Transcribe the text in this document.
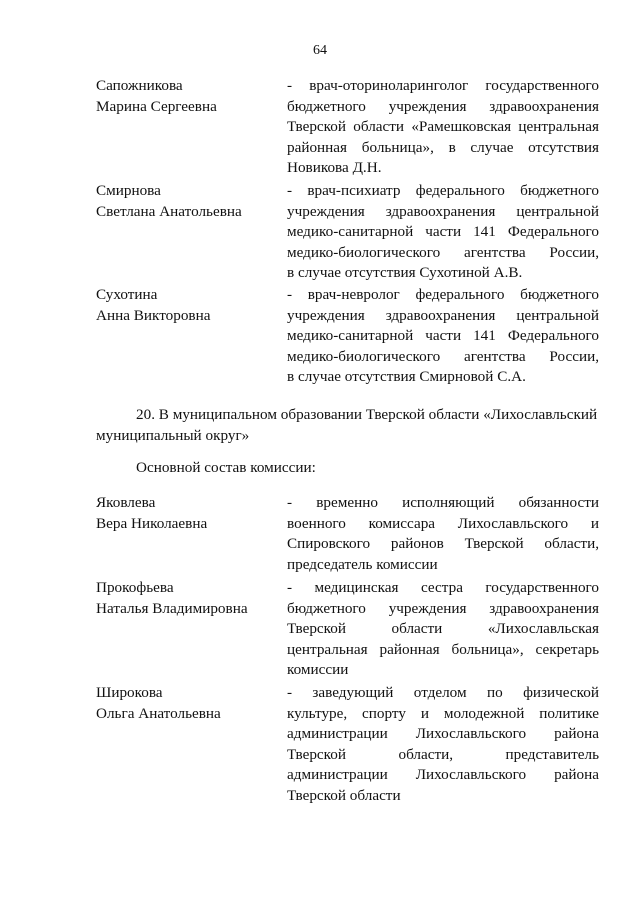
64
Сапожникова
Марина Сергеевна
- врач-оториноларинголог государственного
бюджетного учреждения здравоохранения
Тверской области «Рамешковская центральная
районная больница», в случае отсутствия
Новикова Д.Н.
Смирнова
Светлана Анатольевна
- врач-психиатр федерального бюджетного
учреждения здравоохранения центральной
медико-санитарной части 141 Федерального
медико-биологического агентства России,
в случае отсутствия Сухотиной А.В.
Сухотина
Анна Викторовна
- врач-невролог федерального бюджетного
учреждения здравоохранения центральной
медико-санитарной части 141 Федерального
медико-биологического агентства России,
в случае отсутствия Смирновой С.А.
20. В муниципальном образовании Тверской области «Лихославльский
муниципальный округ»
Основной состав комиссии:
Яковлева
Вера Николаевна
- временно исполняющий обязанности
военного комиссара Лихославльского и
Спировского районов Тверской области,
председатель комиссии
Прокофьева
Наталья Владимировна
- медицинская сестра государственного
бюджетного учреждения здравоохранения
Тверской области «Лихославльская
центральная районная больница», секретарь
комиссии
Широкова
Ольга Анатольевна
- заведующий отделом по физической
культуре, спорту и молодежной политике
администрации Лихославльского района
Тверской области, представитель
администрации Лихославльского района
Тверской области
